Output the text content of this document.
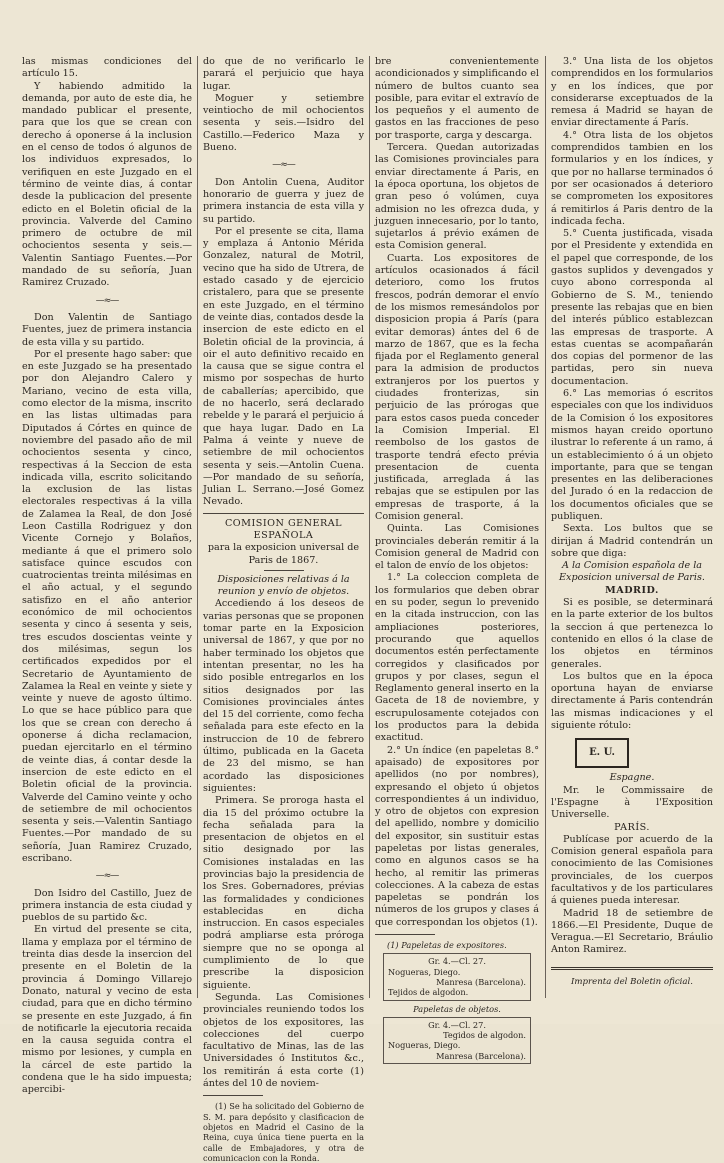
las mismas condiciones del artículo 15.

Y habiendo admitido la demanda, por auto de este dia, he mandado publicar el presente, para que los que se crean con derecho á oponerse á la inclusion en el censo de todos ó algunos de los individuos expresados, lo verifiquen en este Juzgado en el término de veinte dias, á contar desde la publicacion del presente edicto en el Boletin oficial de la provincia. Valverde del Camino primero de octubre de mil ochocientos sesenta y seis.—Valentin Santiago Fuentes.—Por mandado de su señoría, Juan Ramirez Cruzado.

—≈—

Don Valentin de Santiago Fuentes, juez de primera instancia de esta villa y su partido.

Por el presente hago saber: que en este Juzgado se ha presentado por don Alejandro Calero y Mariano, vecino de esta villa, como elector de la misma, inscrito en las listas ultimadas para Diputados á Córtes en quince de noviembre del pasado año de mil ochocientos sesenta y cinco, respectivas á la Seccion de esta indicada villa, escrito solicitando la exclusion de las listas electorales respectivas á la villa de Zalamea la Real, de don José Leon Castilla Rodriguez y don Vicente Cornejo y Bolaños, mediante á que el primero solo satisface quince escudos con cuatrocientas treinta milésimas en el año actual, y el segundo satisfizo en el año anterior económico de mil ochocientos sesenta y cinco á sesenta y seis, tres escudos doscientas veinte y dos milésimas, segun los certificados expedidos por el Secretario de Ayuntamiento de Zalamea la Real en veinte y siete y veinte y nueve de agosto último. Lo que se hace público para que los que se crean con derecho á oponerse á dicha reclamacion, puedan ejercitarlo en el término de veinte dias, á contar desde la insercion de este edicto en el Boletin oficial de la provincia. Valverde del Camino veinte y ocho de setiembre de mil ochocientos sesenta y seis.—Valentin Santiago Fuentes.—Por mandado de su señoría, Juan Ramirez Cruzado, escribano.

—≈—

Don Isidro del Castillo, Juez de primera instancia de esta ciudad y pueblos de su partido &c.

En virtud del presente se cita, llama y emplaza por el término de treinta dias desde la insercion del presente en el Boletin de la provincia á Domingo Villarejo Donato, natural y vecino de esta ciudad, para que en dicho término se presente en este Juzgado, á fin de notificarle la ejecutoria recaida en la causa seguida contra el mismo por lesiones, y cumpla en la cárcel de este partido la condena que le ha sido impuesta; apercibi-

do que de no verificarlo le parará el perjuicio que haya lugar.

Moguer y setiembre veintiocho de mil ochocientos sesenta y seis.—Isidro del Castillo.—Federico Maza y Bueno.

—≈—

Don Antolin Cuena, Auditor honorario de guerra y juez de primera instancia de esta villa y su partido.

Por el presente se cita, llama y emplaza á Antonio Mérida Gonzalez, natural de Motril, vecino que ha sido de Utrera, de estado casado y de ejercicio cristalero, para que se presente en este Juzgado, en el término de veinte dias, contados desde la insercion de este edicto en el Boletin oficial de la provincia, á oir el auto definitivo recaido en la causa que se sigue contra el mismo por sospechas de hurto de caballerías; apercibido, que de no hacerlo, será declarado rebelde y le parará el perjuicio á que haya lugar. Dado en La Palma á veinte y nueve de setiembre de mil ochocientos sesenta y seis.—Antolin Cuena.—Por mandado de su señoría, Julian L. Serrano.—José Gomez Nevado.

COMISION GENERAL ESPAÑOLA

para la exposicion universal de Paris de 1867.

Disposiciones relativas á la reunion y envío de objetos.

Accediendo á los deseos de varias personas que se proponen tomar parte en la Exposicion universal de 1867, y que por no haber terminado los objetos que intentan presentar, no les ha sido posible entregarlos en los sitios designados por las Comisiones provinciales ántes del 15 del corriente, como fecha señalada para este efecto en la instruccion de 10 de febrero último, publicada en la Gaceta de 23 del mismo, se han acordado las disposiciones siguientes:

Primera. Se proroga hasta el dia 15 del próximo octubre la fecha señalada para la presentacion de objetos en el sitio designado por las Comisiones instaladas en las provincias bajo la presidencia de los Sres. Gobernadores, prévias las formalidades y condiciones establecidas en dicha instruccion. En casos especiales podrá ampliarse esta próroga siempre que no se oponga al cumplimiento de lo que prescribe la disposicion siguiente.

Segunda. Las Comisiones provinciales reuniendo todos los objetos de los expositores, las colecciones del cuerpo facultativo de Minas, las de las Universidades ó Institutos &c., los remitirán á esta corte (1) ántes del 10 de noviem-

(1) Se ha solicitado del Gobierno de S. M. para depósito y clasificacion de objetos en Madrid el Casino de la Reina, cuya única tiene puerta en la calle de Embajadores, y otra de comunicacion con la Ronda.

bre convenientemente acondicionados y simplificando el número de bultos cuanto sea posible, para evitar el extravío de los pequeños y el aumento de gastos en las fracciones de peso por trasporte, carga y descarga.

Tercera. Quedan autorizadas las Comisiones provinciales para enviar directamente á Paris, en la época oportuna, los objetos de gran peso ó volúmen, cuya admision no les ofrezca duda, y juzguen innecesario, por lo tanto, sujetarlos á prévio exámen de esta Comision general.

Cuarta. Los expositores de artículos ocasionados á fácil deterioro, como los frutos frescos, podrán demorar el envío de los mismos remesándolos por disposicion propia á París (para evitar demoras) ántes del 6 de marzo de 1867, que es la fecha fijada por el Reglamento general para la admision de productos extranjeros por los puertos y ciudades fronterizas, sin perjuicio de las prórogas que para estos casos pueda conceder la Comision Imperial. El reembolso de los gastos de trasporte tendrá efecto prévia presentacion de cuenta justificada, arreglada á las rebajas que se estipulen por las empresas de trasporte, á la Comision general.

Quinta. Las Comisiones provinciales deberán remitir á la Comision general de Madrid con el talon de envío de los objetos:

1.° La coleccion completa de los formularios que deben obrar en su poder, segun lo prevenido en la citada instruccion, con las ampliaciones posteriores, procurando que aquellos documentos estén perfectamente corregidos y clasificados por grupos y por clases, segun el Reglamento general inserto en la Gaceta de 18 de noviembre, y escrupulosamente cotejados con los productos para la debida exactitud.

2.° Un índice (en papeletas 8.° apaisado) de expositores por apellidos (no por nombres), expresando el objeto ú objetos correspondientes á un individuo, y otro de objetos con expresion del apellido, nombre y domicilio del expositor, sin sustituir estas papeletas por listas generales, como en algunos casos se ha hecho, al remitir las primeras colecciones. A la cabeza de estas papeletas se pondrán los números de los grupos y clases á que correspondan los objetos (1).

(1) Papeletas de expositores.

Gr. 4.—Cl. 27.
Nogueras, Diego.
Manresa (Barcelona).
Tejidos de algodon.

Papeletas de objetos.

Gr. 4.—Cl. 27.
Tegidos de algodon.
Nogueras, Diego.
Manresa (Barcelona).

3.° Una lista de los objetos comprendidos en los formularios y en los índices, que por considerarse exceptuados de la remesa á Madrid se hayan de enviar directamente á París.

4.° Otra lista de los objetos comprendidos tambien en los formularios y en los índices, y que por no hallarse terminados ó por ser ocasionados á deterioro se comprometen los expositores á remitirlos á Paris dentro de la indicada fecha.

5.° Cuenta justificada, visada por el Presidente y extendida en el papel que corresponde, de los gastos suplidos y devengados y cuyo abono corresponda al Gobierno de S. M., teniendo presente las rebajas que en bien del interés público establezcan las empresas de trasporte. A estas cuentas se acompañarán dos copias del pormenor de las partidas, pero sin nueva documentacion.

6.° Las memorias ó escritos especiales con que los individuos de la Comision ó los expositores mismos hayan creido oportuno ilustrar lo referente á un ramo, á un establecimiento ó á un objeto importante, para que se tengan presentes en las deliberaciones del Jurado ó en la redaccion de los documentos oficiales que se publiquen.

Sexta. Los bultos que se dirijan á Madrid contendrán un sobre que diga:

A la Comision española de la Exposicion universal de Paris.

MADRID.

Si es posible, se determinará en la parte exterior de los bultos la seccion á que pertenezca lo contenido en ellos ó la clase de los objetos en términos generales.

Los bultos que en la época oportuna hayan de enviarse directamente á Paris contendrán las mismas indicaciones y el siguiente rótulo:

E. U.

Espagne.

Mr. le Commissaire de l'Espagne à l'Exposition Universelle.

PARÍS.

Publícase por acuerdo de la Comision general española para conocimiento de las Comisiones provinciales, de los cuerpos facultativos y de los particulares á quienes pueda interesar.

Madrid 18 de setiembre de 1866.—El Presidente, Duque de Veragua.—El Secretario, Bráulio Anton Ramirez.

Imprenta del Boletin oficial.
